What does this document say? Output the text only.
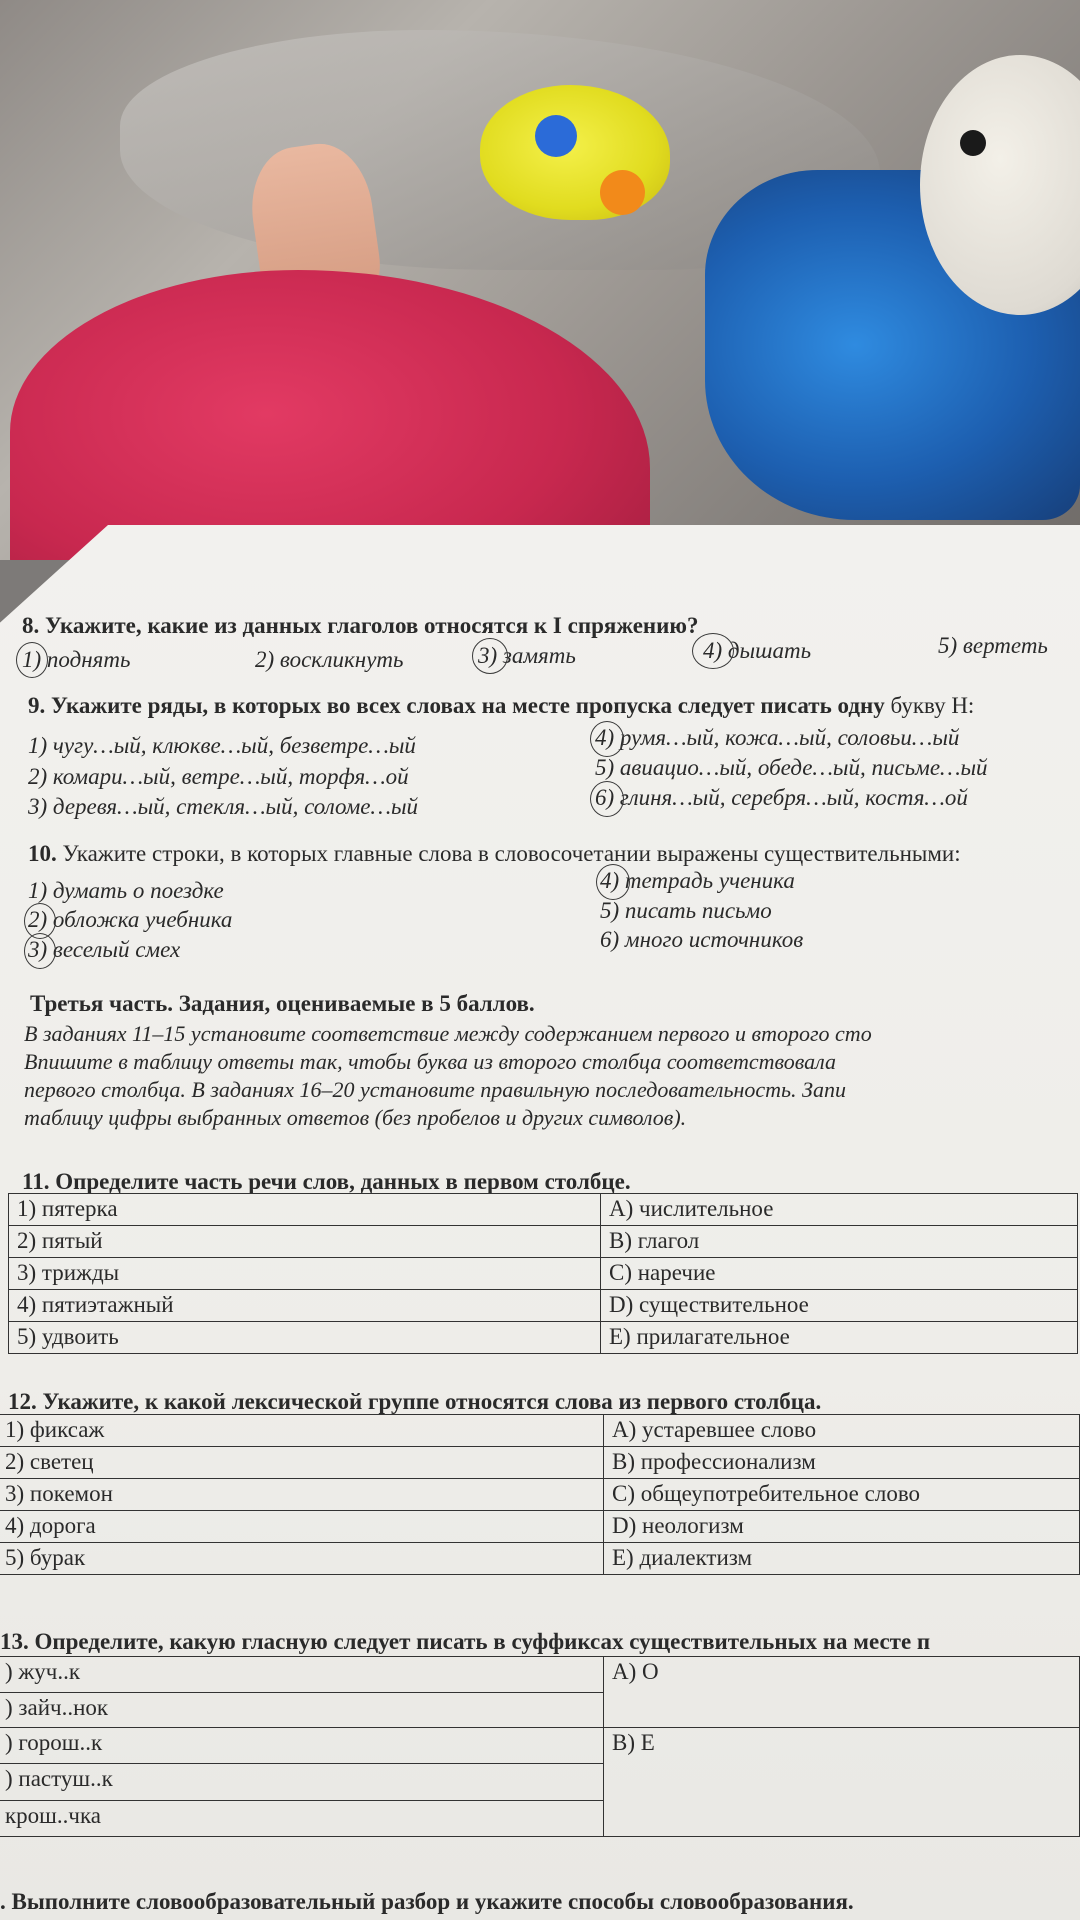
8. Укажите, какие из данных глаголов относятся к I спряжению?
1) поднять	2) воскликнуть	3) замять	4) дышать	5) вертеть
9. Укажите ряды, в которых во всех словах на месте пропуска следует писать одну букву Н:
1) чугу…ый, клюкве…ый, безветре…ый
2) комари…ый, ветре…ый, торфя…ой
3) деревя…ый, стекля…ый, соломе…ый
4) румя…ый, кожа…ый, соловьи…ый
5) авиацио…ый, обеде…ый, письме…ый
6) глиня…ый, серебря…ый, костя…ой
10. Укажите строки, в которых главные слова в словосочетании выражены существительными:
1) думать о поездке
2) обложка учебника
3) веселый смех
4) тетрадь ученика
5) писать письмо
6) много источников
Третья часть. Задания, оцениваемые в 5 баллов.
В заданиях 11–15 установите соответствие между содержанием первого и второго сто
Впишите в таблицу ответы так, чтобы буква из второго столбца соответствовала
первого столбца. В заданиях 16–20 установите правильную последовательность. Запи
таблицу цифры выбранных ответов (без пробелов и других символов).
11. Определите часть речи слов, данных в первом столбце.
1) пятерка	А) числительное
2) пятый	В) глагол
3) трижды	С) наречие
4) пятиэтажный	D) существительное
5) удвоить	Е) прилагательное
12. Укажите, к какой лексической группе относятся слова из первого столбца.
1) фиксаж	А) устаревшее слово
2) светец	В) профессионализм
3) покемон	С) общеупотребительное слово
4) дорога	D) неологизм
5) бурак	Е) диалектизм
13. Определите, какую гласную следует писать в суффиксах существительных на месте п
) жуч..к	А) О
) зайч..нок	
) горош..к	В) Е
) пастуш..к	
крош..чка	
. Выполните словообразовательный разбор и укажите способы словообразования.
